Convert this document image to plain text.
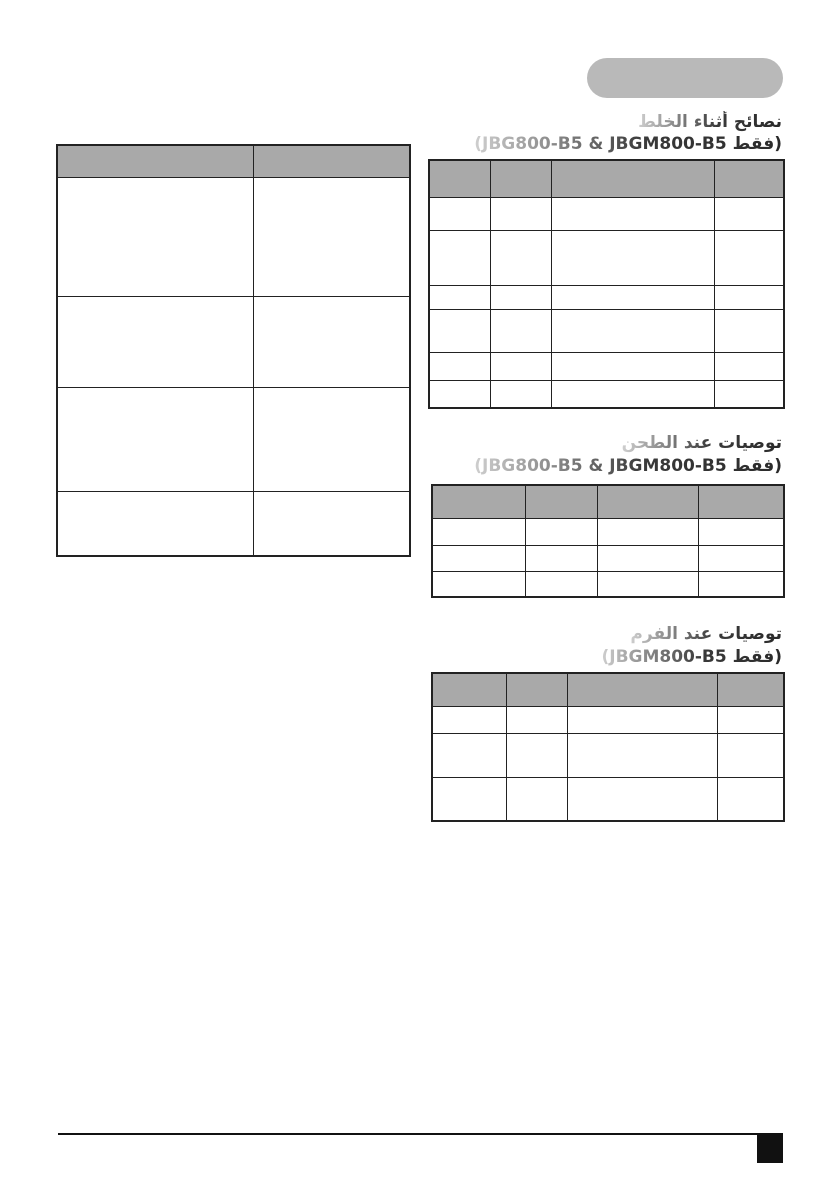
نصائح أثناء الخلط
(JBG800-B5 & JBGM800-B5 فقط)

توصيات عند الطحن
(JBG800-B5 & JBGM800-B5 فقط)

توصيات عند الفرم
(JBGM800-B5 فقط)
